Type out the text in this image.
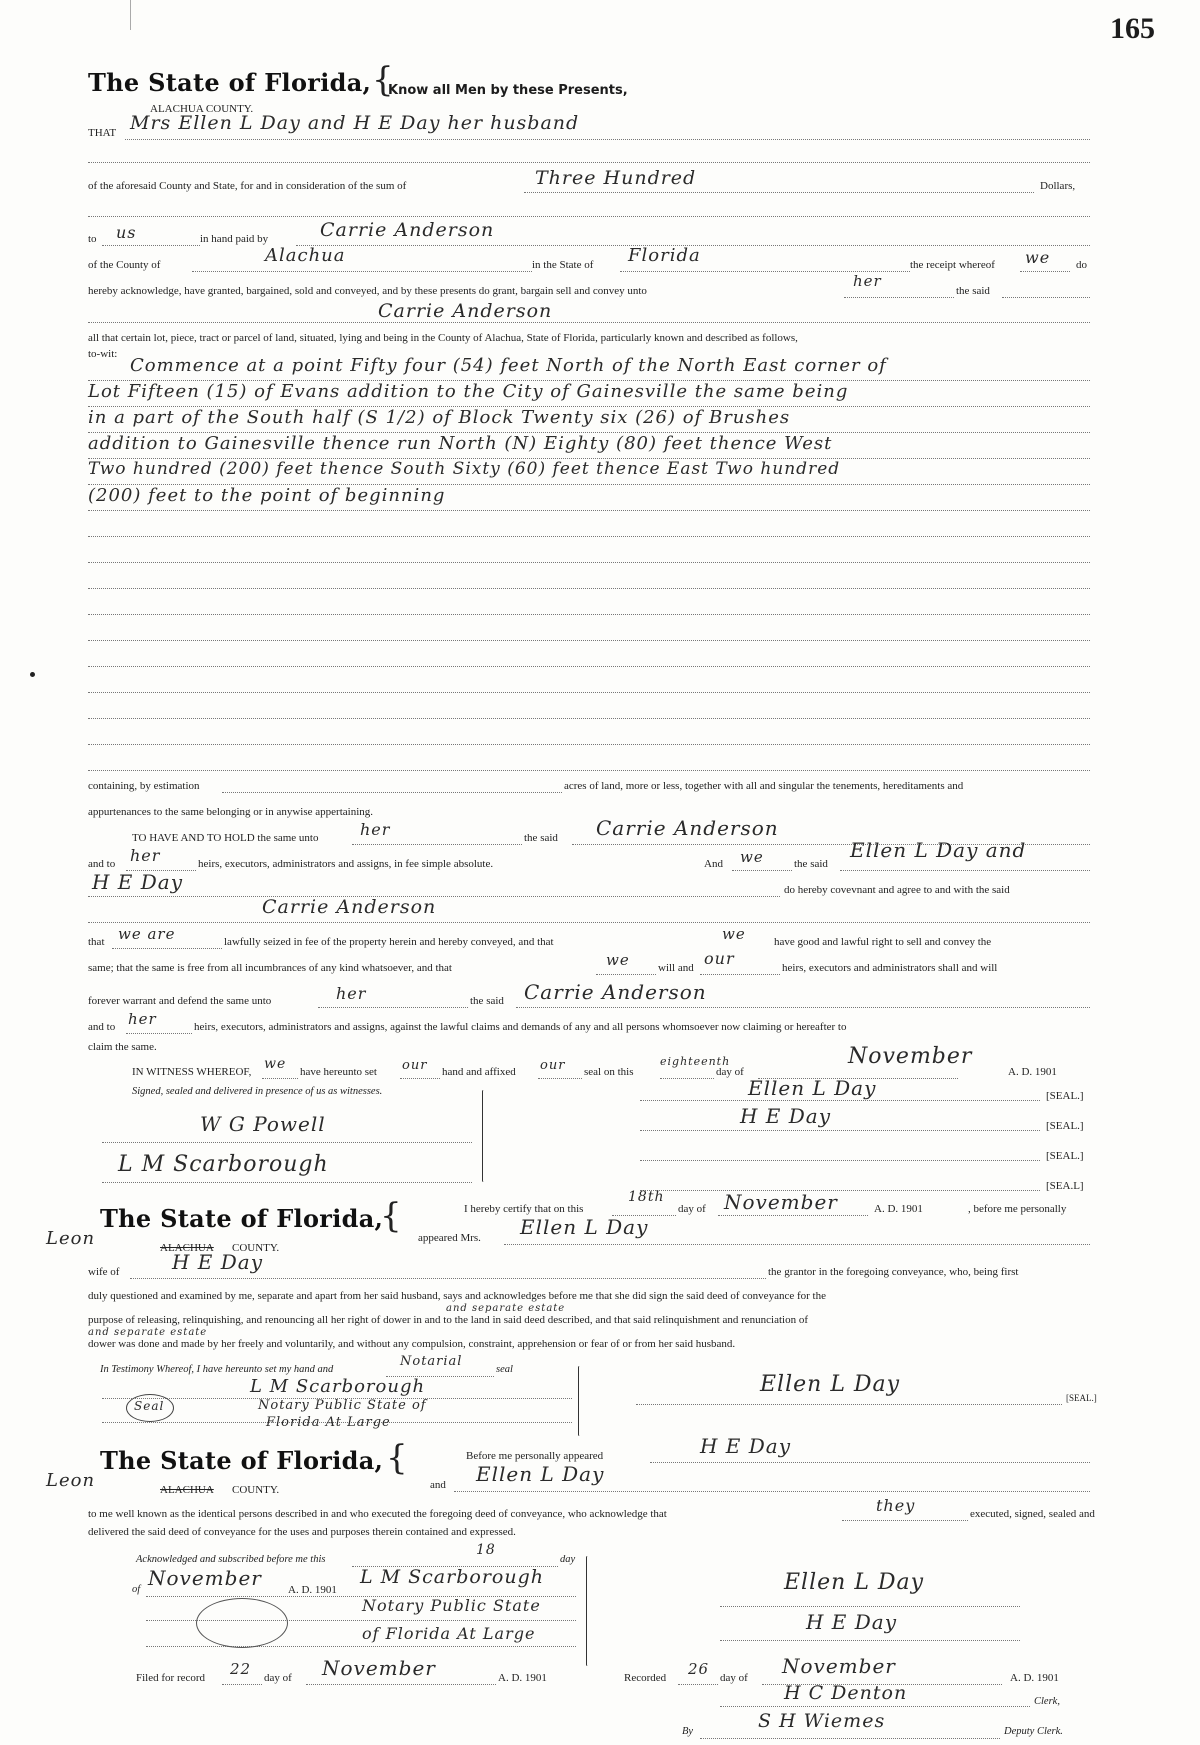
165
The State of Florida, {
Know all Men by these Presents,
ALACHUA COUNTY.
THAT Mrs Ellen L Day and H E Day her husband
of the aforesaid County and State, for and in consideration of the sum of	Three Hundred	Dollars,
to us	in hand paid by	Carrie Anderson
of the County of	Alachua	in the State of Florida	the receipt whereof we do
hereby acknowledge, have granted, bargained, sold and conveyed, and by these presents do grant, bargain sell and convey unto
her
the said
Carrie Anderson
all that certain lot, piece, tract or parcel of land, situated, lying and being in the County of Alachua, State of Florida, particularly known and described as follows,
to-wit:
Commence at a point Fifty four (54) feet North of the North East corner of
Lot Fifteen (15) of Evans addition to the City of Gainesville the same being
in a part of the South half (S 1/2) of Block Twenty six (26) of Brushes
addition to Gainesville thence run North (N) Eighty (80) feet thence West
Two hundred (200) feet thence South Sixty (60) feet thence East Two hundred
(200) feet to the point of beginning
containing, by estimation	acres of land, more or less, together with all and singular the tenements, hereditaments and
appurtenances to the same belonging or in anywise appertaining.
TO HAVE AND TO HOLD the same unto	her	the said Carrie Anderson
and to her	heirs, executors, administrators and assigns, in fee simple absolute.	And we	the said
Ellen L Day and
H E Day	do hereby covevnant and agree to and with the said
Carrie Anderson
that we are	lawfully seized in fee of the property herein and hereby conveyed, and that	we	have good and lawful right to sell and convey the
same; that the same is free from all incumbrances of any kind whatsoever, and that	we	will and our	heirs, executors and administrators shall and will
forever warrant and defend the same unto	her	the said Carrie Anderson
and to her	heirs, executors, administrators and assigns, against the lawful claims and demands of any and all persons whomsoever now claiming or hereafter to
claim the same.
IN WITNESS WHEREOF, we have hereunto set our hand and affixed our seal on this
eighteenth
day of
November
A. D. 1901
Signed, sealed and delivered in presence of us as witnesses.
W G Powell
L M Scarborough
Ellen L Day	[SEAL.]
H E Day	[SEAL.]
[SEAL.]
[SEA.L]
The State of Florida,
{
Leon	ALACHUA COUNTY.
I hereby certify that on this
18th
day of November	A. D. 1901	, before me personally
appeared Mrs. Ellen L Day
wife of	H E Day	the grantor in the foregoing conveyance, who, being first
duly questioned and examined by me, separate and apart from her said husband, says and acknowledges before me that she did sign the said deed of conveyance for the
and separate estate
purpose of releasing, relinquishing, and renouncing all her right of dower in and to the land in said deed described, and that said relinquishment and renunciation of
and separate estate
dower was done and made by her freely and voluntarily, and without any compulsion, constraint, apprehension or fear of or from her said husband.
In Testimony Whereof, I have hereunto set my hand and
Notarial
seal
L M Scarborough
Notary Public State of
Florida At Large
Seal
Ellen L Day
[SEAL.]
The State of Florida, {
Leon	ALACHUA COUNTY.
Before me personally appeared	H E Day
and Ellen L Day
to me well known as the identical persons described in and who executed the foregoing deed of conveyance, who acknowledge that	they	executed, signed, sealed and
delivered the said deed of conveyance for the uses and purposes therein contained and expressed.
Acknowledged and subscribed before me this
18
day
of November A. D. 1901
L M Scarborough
Notary Public State
of Florida At Large
Ellen L Day
H E Day
Filed for record 22 day of November	A. D. 1901	Recorded 26 day of November	A. D. 1901
H C Denton	Clerk,
By	S H Wiemes	Deputy Clerk.
